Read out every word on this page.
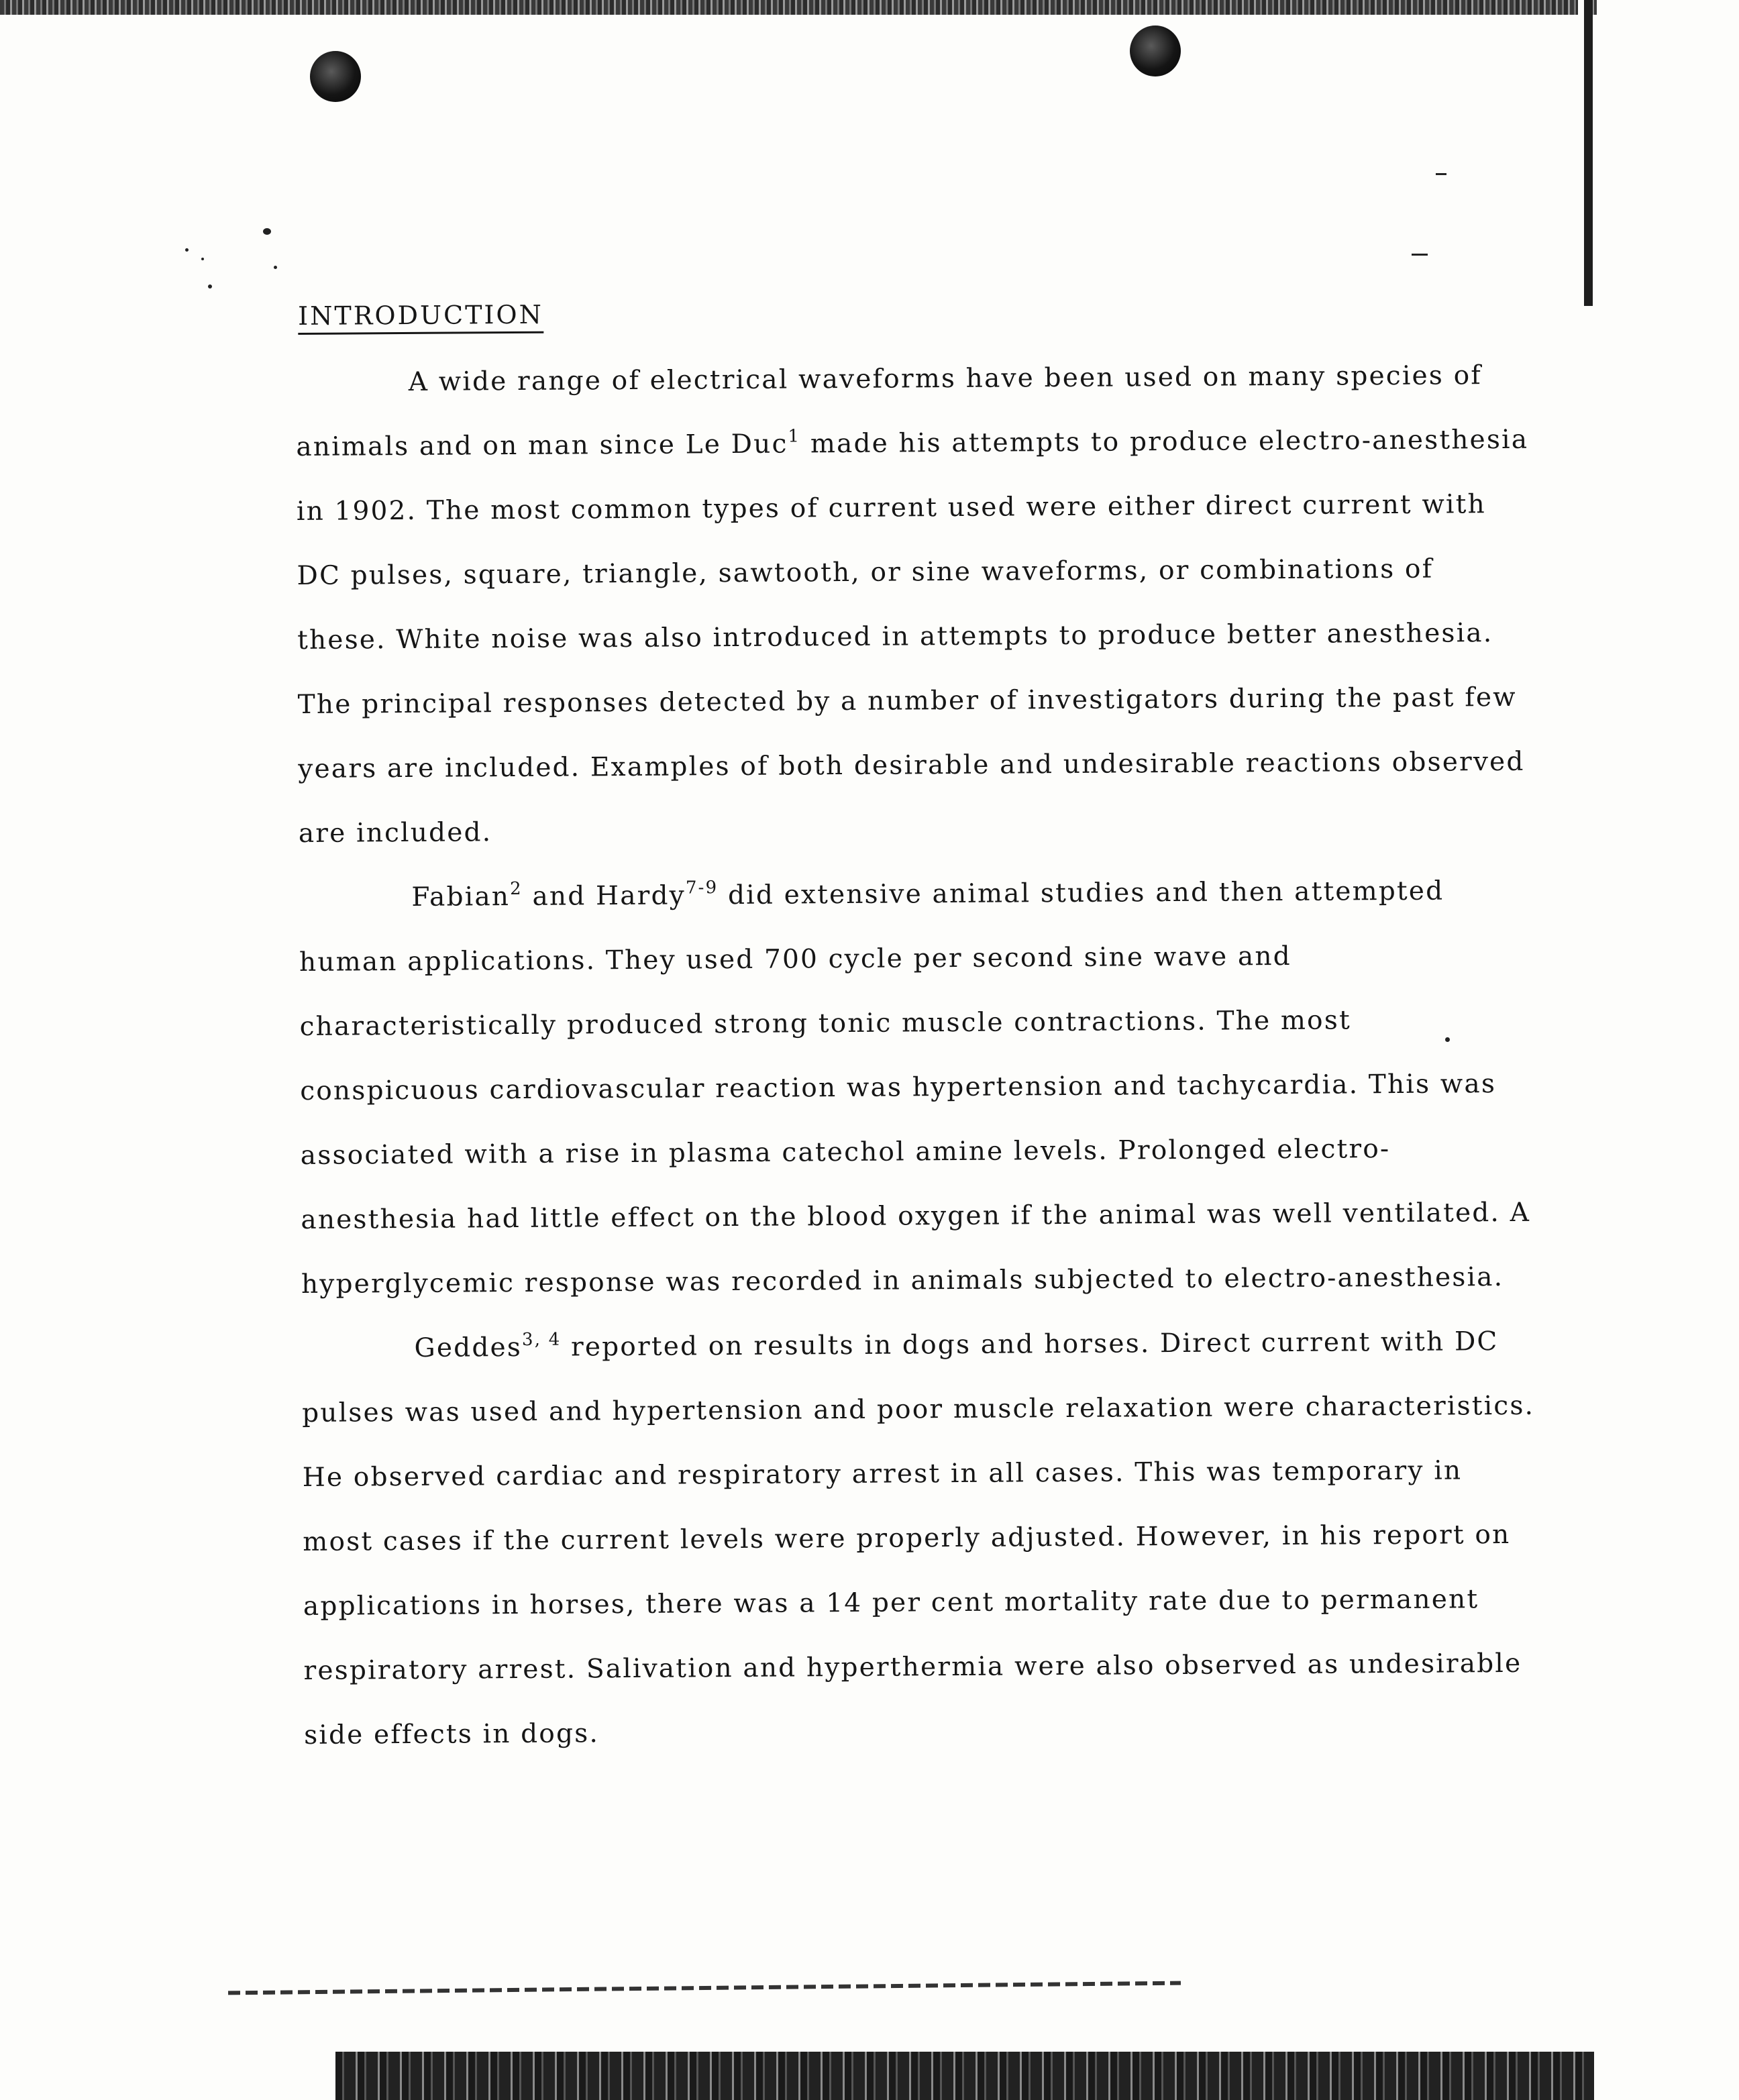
INTRODUCTION

A wide range of electrical waveforms have been used on many species of animals and on man since Le Duc$^1$ made his attempts to produce electro-anesthesia in 1902. The most common types of current used were either direct current with DC pulses, square, triangle, sawtooth, or sine waveforms, or combinations of these. White noise was also introduced in attempts to produce better anesthesia. The principal responses detected by a number of investigators during the past few years are included. Examples of both desirable and undesirable reactions observed are included.

Fabian$^2$ and Hardy$^{7-9}$ did extensive animal studies and then attempted human applications. They used 700 cycle per second sine wave and characteristically produced strong tonic muscle contractions. The most conspicuous cardiovascular reaction was hypertension and tachycardia. This was associated with a rise in plasma catechol amine levels. Prolonged electro-anesthesia had little effect on the blood oxygen if the animal was well ventilated. A hyperglycemic response was recorded in animals subjected to electro-anesthesia.

Geddes$^{3, 4}$ reported on results in dogs and horses. Direct current with DC pulses was used and hypertension and poor muscle relaxation were characteristics. He observed cardiac and respiratory arrest in all cases. This was temporary in most cases if the current levels were properly adjusted. However, in his report on applications in horses, there was a 14 per cent mortality rate due to permanent respiratory arrest. Salivation and hyperthermia were also observed as undesirable side effects in dogs.
